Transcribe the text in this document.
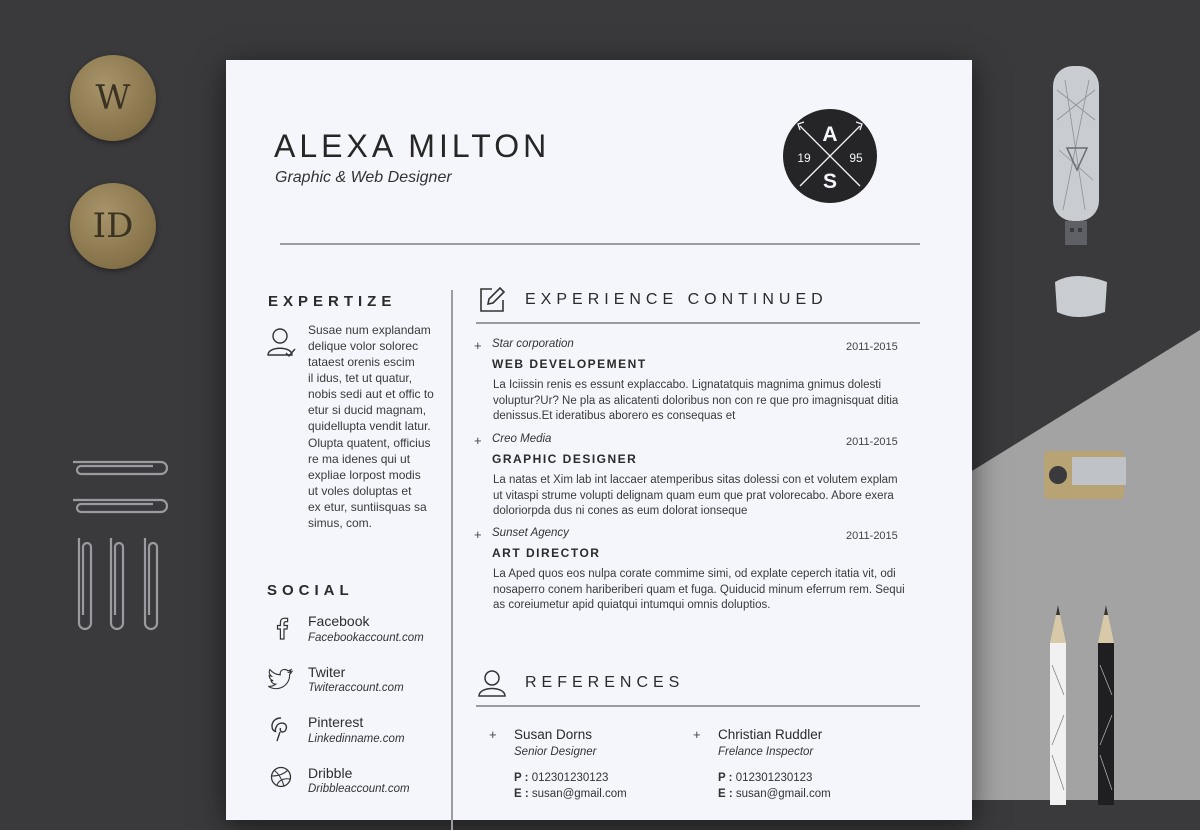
W
ID
ALEXA MILTON
Graphic & Web Designer
A
S
19	95
EXPERTIZE
Susae num explandam
delique volor solorec
tataest orenis escim
il idus, tet ut quatur,
nobis sedi aut et offic to
etur si ducid magnam,
quidellupta vendit latur.
Olupta quatent, officius
re ma idenes qui ut
expliae lorpost modis
ut voles doluptas et
ex etur, suntiisquas sa
simus, com.
SOCIAL
Facebook
Facebookaccount.com
Twiter
Twiteraccount.com
Pinterest
Linkedinname.com
Dribble
Dribbleaccount.com
EXPERIENCE CONTINUED
+ Star corporation	2011-2015
WEB DEVELOPEMENT
La Iciissin renis es essunt explaccabo. Lignatatquis magnima gnimus dolesti
voluptur?Ur? Ne pla as alicatenti doloribus non con re que pro imagnisquat ditia
denissus.Et ideratibus aborero es consequas et
+ Creo Media	2011-2015
GRAPHIC DESIGNER
La natas et Xim lab int laccaer atemperibus sitas dolessi con et volutem explam
ut vitaspi strume volupti delignam quam eum que prat volorecabo. Abore exera
doloriorpda dus ni cones as eum dolorat ionseque
+ Sunset Agency	2011-2015
ART DIRECTOR
La Aped quos eos nulpa corate commime simi, od explate ceperch itatia vit, odi
nosaperro conem hariberiberi quam et fuga. Quiducid minum eferrum rem. Sequi
as coreiumetur apid quiatqui intumqui omnis doluptios.
REFERENCES
+ Susan Dorns
Senior Designer
P : 012301230123
E : susan@gmail.com
+ Christian Ruddler
Frelance Inspector
P : 012301230123
E : susan@gmail.com
